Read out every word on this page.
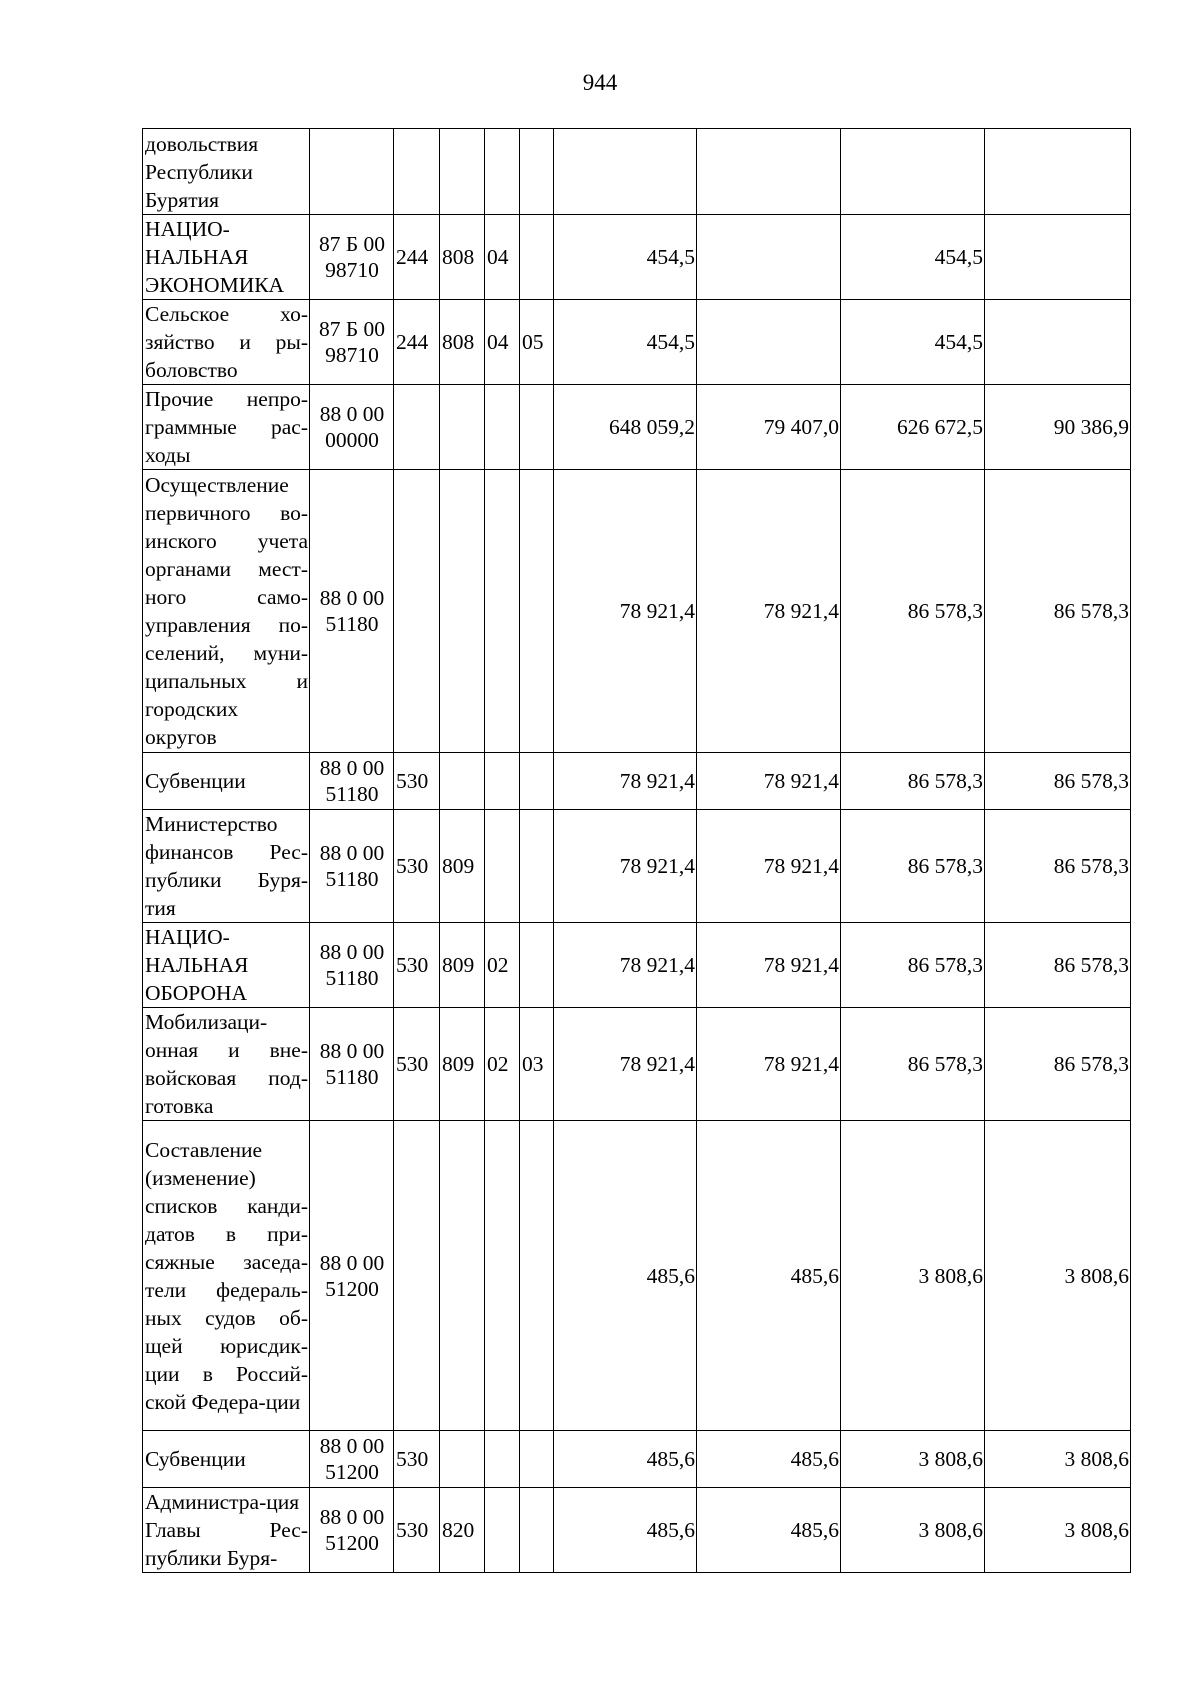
944
довольствия Республики Бурятия									
НАЦИО-НАЛЬНАЯ ЭКОНОМИКА	87 Б 00 98710	244	808	04		454,5		454,5	
Сельское хо-зяйство и ры-боловство	87 Б 00 98710	244	808	04	05	454,5		454,5	
Прочие непро-граммные рас-ходы	88 0 00 00000					648 059,2	79 407,0	626 672,5	90 386,9
Осуществление первичного во-инского учета органами мест-ного само-управления по-селений, муни-ципальных и городских округов	88 0 00 51180					78 921,4	78 921,4	86 578,3	86 578,3
Субвенции	88 0 00 51180	530				78 921,4	78 921,4	86 578,3	86 578,3
Министерство финансов Рес-публики Буря-тия	88 0 00 51180	530	809			78 921,4	78 921,4	86 578,3	86 578,3
НАЦИО-НАЛЬНАЯ ОБОРОНА	88 0 00 51180	530	809	02		78 921,4	78 921,4	86 578,3	86 578,3
Мобилизаци-онная и вне-войсковая под-готовка	88 0 00 51180	530	809	02	03	78 921,4	78 921,4	86 578,3	86 578,3
Составление (изменение) списков канди-датов в при-сяжные заседа-тели федераль-ных судов об-щей юрисдик-ции в Россий-ской Федера-ции	88 0 00 51200					485,6	485,6	3 808,6	3 808,6
Субвенции	88 0 00 51200	530				485,6	485,6	3 808,6	3 808,6
Администра-ция Главы Рес-публики Буря-	88 0 00 51200	530	820			485,6	485,6	3 808,6	3 808,6
